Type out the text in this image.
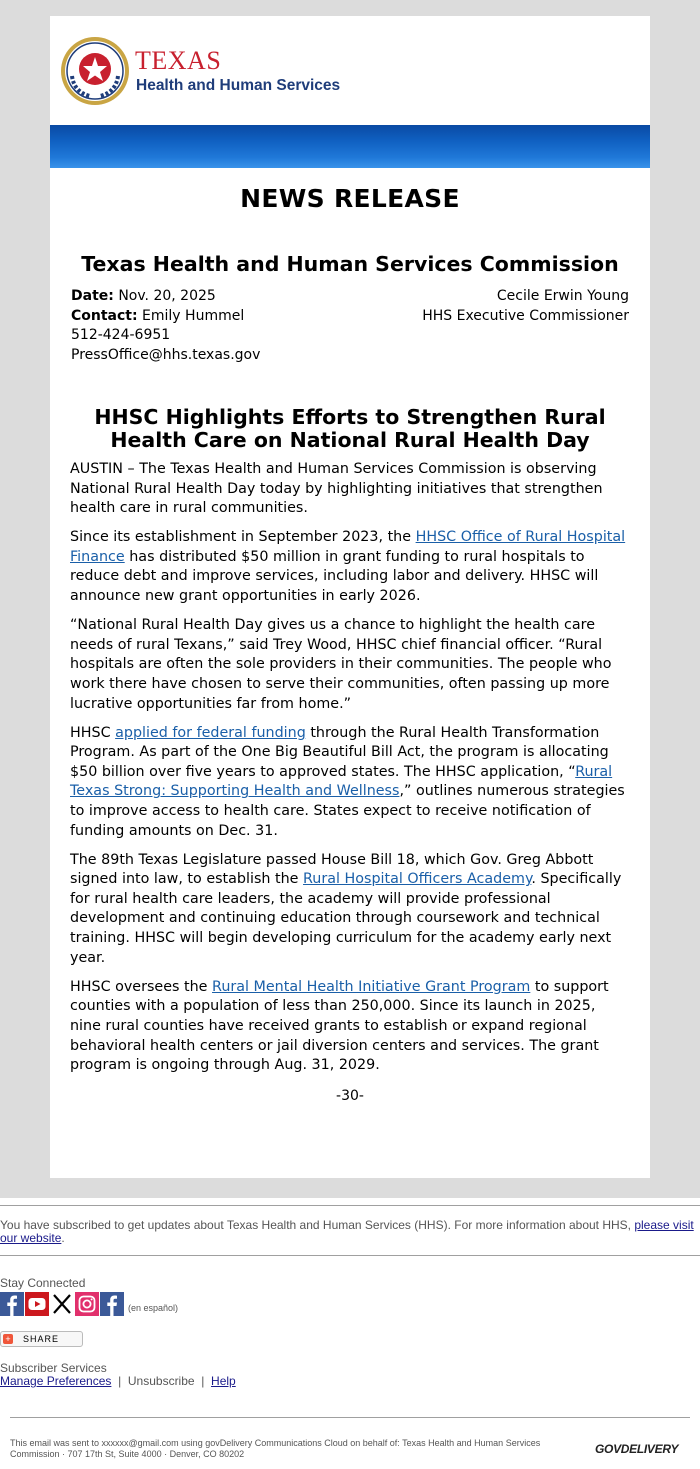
TEXAS
Health and Human Services
NEWS RELEASE
Texas Health and Human Services Commission
Date: Nov. 20, 2025
Contact: Emily Hummel
512-424-6951
PressOffice@hhs.texas.gov
Cecile Erwin Young
HHS Executive Commissioner
HHSC Highlights Efforts to Strengthen Rural Health Care on National Rural Health Day

AUSTIN – The Texas Health and Human Services Commission is observing National Rural Health Day today by highlighting initiatives that strengthen health care in rural communities.

Since its establishment in September 2023, the HHSC Office of Rural Hospital Finance has distributed $50 million in grant funding to rural hospitals to reduce debt and improve services, including labor and delivery. HHSC will announce new grant opportunities in early 2026.

“National Rural Health Day gives us a chance to highlight the health care needs of rural Texans,” said Trey Wood, HHSC chief financial officer. “Rural hospitals are often the sole providers in their communities. The people who work there have chosen to serve their communities, often passing up more lucrative opportunities far from home.”

HHSC applied for federal funding through the Rural Health Transformation Program. As part of the One Big Beautiful Bill Act, the program is allocating $50 billion over five years to approved states. The HHSC application, “Rural Texas Strong: Supporting Health and Wellness,” outlines numerous strategies to improve access to health care. States expect to receive notification of funding amounts on Dec. 31.

The 89th Texas Legislature passed House Bill 18, which Gov. Greg Abbott signed into law, to establish the Rural Hospital Officers Academy. Specifically for rural health care leaders, the academy will provide professional development and continuing education through coursework and technical training. HHSC will begin developing curriculum for the academy early next year.

HHSC oversees the Rural Mental Health Initiative Grant Program to support counties with a population of less than 250,000. Since its launch in 2025, nine rural counties have received grants to establish or expand regional behavioral health centers or jail diversion centers and services. The grant program is ongoing through Aug. 31, 2029.

-30-
You have subscribed to get updates about Texas Health and Human Services (HHS). For more information about HHS, please visit our website.
Stay Connected
(en español)
+ SHARE
Subscriber Services
Manage Preferences | Unsubscribe | Help
This email was sent to xxxxxx@gmail.com using govDelivery Communications Cloud on behalf of: Texas Health and Human Services Commission · 707 17th St, Suite 4000 · Denver, CO 80202	GOVDELIVERY
